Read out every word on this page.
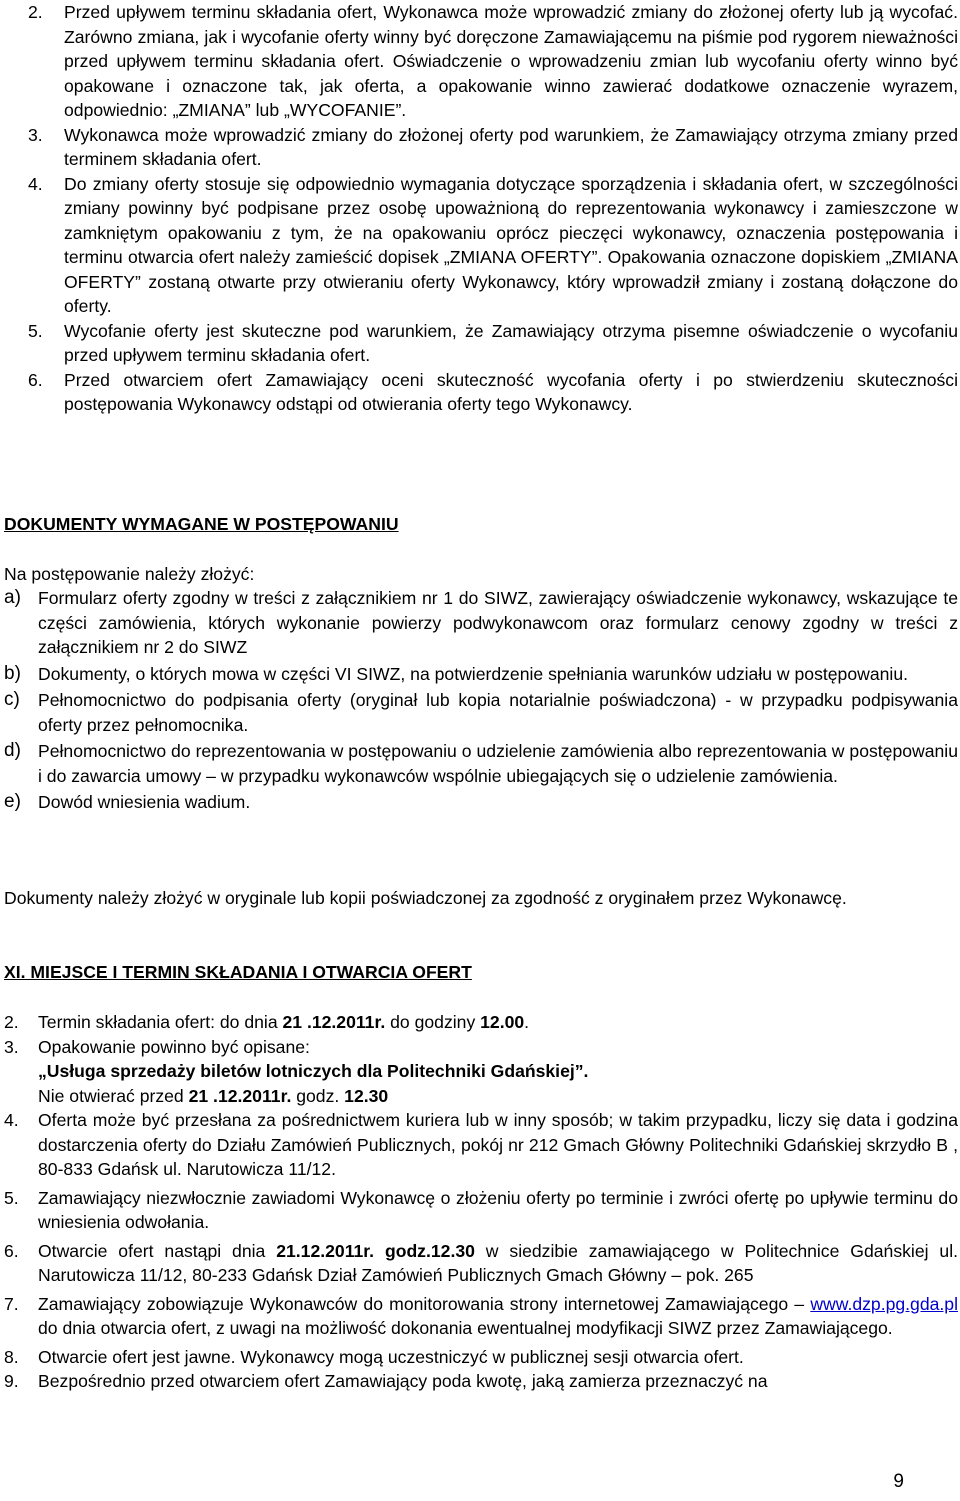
2. Przed upływem terminu składania ofert, Wykonawca może wprowadzić zmiany do złożonej oferty lub ją wycofać. Zarówno zmiana, jak i wycofanie oferty winny być doręczone Zamawiającemu na piśmie pod rygorem nieważności przed upływem terminu składania ofert. Oświadczenie o wprowadzeniu zmian lub wycofaniu oferty winno być opakowane i oznaczone tak, jak oferta, a opakowanie winno zawierać dodatkowe oznaczenie wyrazem, odpowiednio: „ZMIANA” lub „WYCOFANIE”.
3. Wykonawca może wprowadzić zmiany do złożonej oferty pod warunkiem, że Zamawiający otrzyma zmiany przed terminem składania ofert.
4. Do zmiany oferty stosuje się odpowiednio wymagania dotyczące sporządzenia i składania ofert, w szczególności zmiany powinny być podpisane przez osobę upoważnioną do reprezentowania wykonawcy i zamieszczone w zamkniętym opakowaniu z tym, że na opakowaniu oprócz pieczęci wykonawcy, oznaczenia postępowania i terminu otwarcia ofert należy zamieścić dopisek „ZMIANA OFERTY”. Opakowania oznaczone dopiskiem „ZMIANA OFERTY” zostaną otwarte przy otwieraniu oferty Wykonawcy, który wprowadził zmiany i zostaną dołączone do oferty.
5. Wycofanie oferty jest skuteczne pod warunkiem, że Zamawiający otrzyma pisemne oświadczenie o wycofaniu przed upływem terminu składania ofert.
6. Przed otwarciem ofert Zamawiający oceni skuteczność wycofania oferty i po stwierdzeniu skuteczności postępowania Wykonawcy odstąpi od otwierania oferty tego Wykonawcy.
DOKUMENTY WYMAGANE W POSTĘPOWANIU
Na postępowanie należy złożyć:
a) Formularz oferty zgodny w treści z załącznikiem nr 1 do SIWZ, zawierający oświadczenie wykonawcy, wskazujące te części zamówienia, których wykonanie powierzy podwykonawcom oraz formularz cenowy zgodny w treści z załącznikiem nr 2 do SIWZ
b) Dokumenty, o których mowa w części VI SIWZ, na potwierdzenie spełniania warunków udziału w postępowaniu.
c) Pełnomocnictwo do podpisania oferty (oryginał lub kopia notarialnie poświadczona) - w przypadku podpisywania oferty przez pełnomocnika.
d) Pełnomocnictwo do reprezentowania w postępowaniu o udzielenie zamówienia albo reprezentowania w postępowaniu i do zawarcia umowy – w przypadku wykonawców wspólnie ubiegających się o udzielenie zamówienia.
e) Dowód wniesienia wadium.
Dokumenty należy złożyć w oryginale lub kopii poświadczonej za zgodność z oryginałem przez Wykonawcę.
XI. MIEJSCE I TERMIN SKŁADANIA I OTWARCIA OFERT
2. Termin składania ofert: do dnia 21 .12.2011r. do godziny 12.00.
3. Opakowanie powinno być opisane:
„Usługa sprzedaży biletów lotniczych dla Politechniki Gdańskiej”.
Nie otwierać przed 21 .12.2011r. godz. 12.30
4. Oferta może być przesłana za pośrednictwem kuriera lub w inny sposób; w takim przypadku, liczy się data i godzina dostarczenia oferty do Działu Zamówień Publicznych, pokój nr 212 Gmach Główny Politechniki Gdańskiej skrzydło B , 80-833 Gdańsk ul. Narutowicza 11/12.
5. Zamawiający niezwłocznie zawiadomi Wykonawcę o złożeniu oferty po terminie i zwróci ofertę po upływie terminu do wniesienia odwołania.
6. Otwarcie ofert nastąpi dnia 21.12.2011r. godz.12.30 w siedzibie zamawiającego w Politechnice Gdańskiej ul. Narutowicza 11/12, 80-233 Gdańsk Dział Zamówień Publicznych Gmach Główny – pok. 265
7. Zamawiający zobowiązuje Wykonawców do monitorowania strony internetowej Zamawiającego – www.dzp.pg.gda.pl do dnia otwarcia ofert, z uwagi na możliwość dokonania ewentualnej modyfikacji SIWZ przez Zamawiającego.
8. Otwarcie ofert jest jawne. Wykonawcy mogą uczestniczyć w publicznej sesji otwarcia ofert.
9. Bezpośrednio przed otwarciem ofert Zamawiający poda kwotę, jaką zamierza przeznaczyć na
9
